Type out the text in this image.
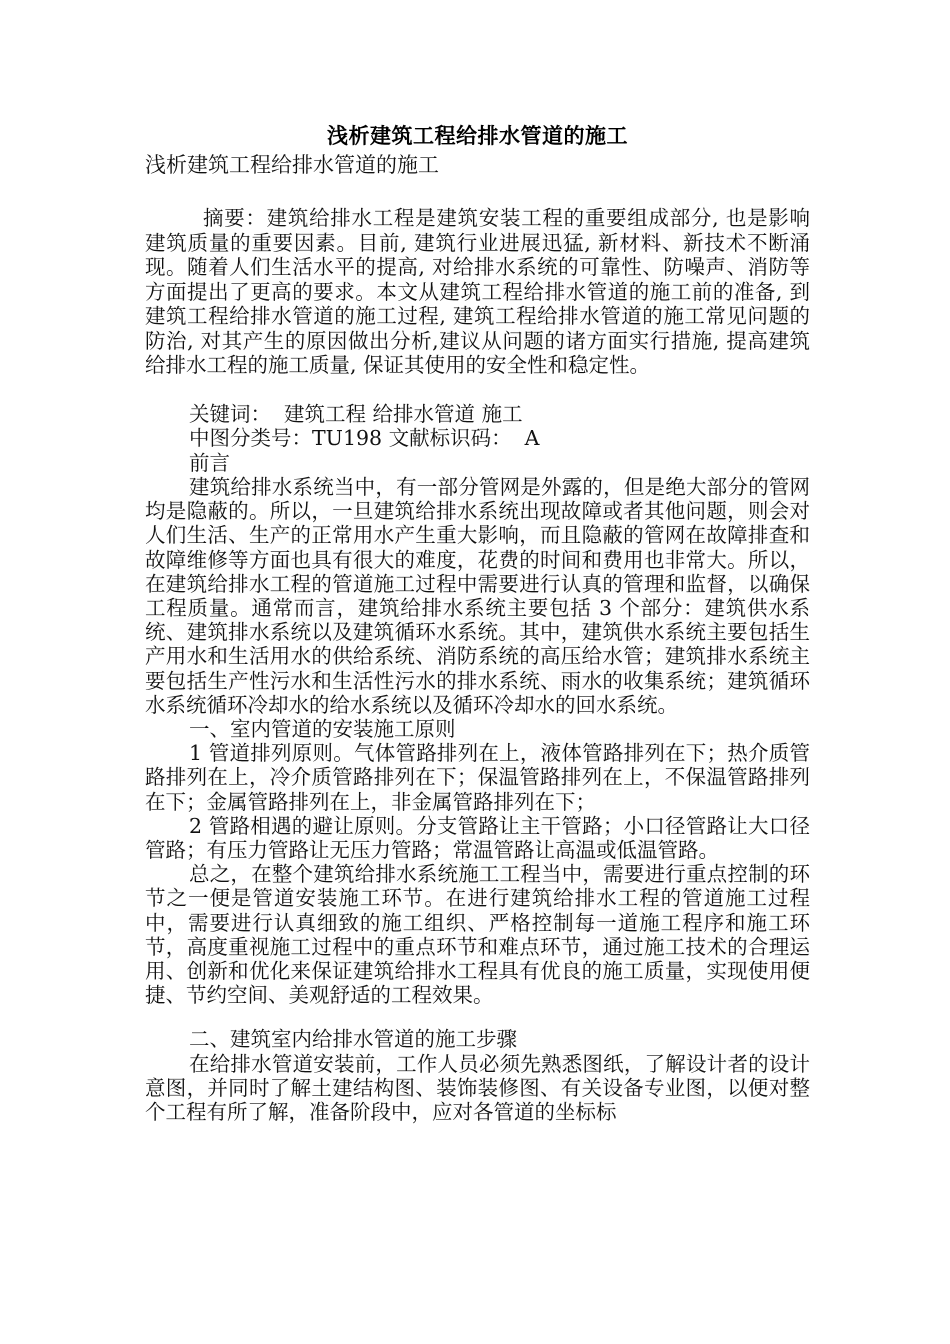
浅析建筑工程给排水管道的施工

浅析建筑工程给排水管道的施工

摘要：建筑给排水工程是建筑安装工程的重要组成部分, 也是影响建筑质量的重要因素。目前, 建筑行业进展迅猛, 新材料、新技术不断涌现。随着人们生活水平的提高, 对给排水系统的可靠性、防噪声、消防等方面提出了更高的要求。本文从建筑工程给排水管道的施工前的准备, 到建筑工程给排水管道的施工过程, 建筑工程给排水管道的施工常见问题的防治, 对其产生的原因做出分析,建议从问题的诸方面实行措施, 提高建筑给排水工程的施工质量, 保证其使用的安全性和稳定性。

关键词：  建筑工程 给排水管道 施工

中图分类号：TU198 文献标识码：  A

前言

建筑给排水系统当中，有一部分管网是外露的，但是绝大部分的管网均是隐蔽的。所以，一旦建筑给排水系统出现故障或者其他问题，则会对人们生活、生产的正常用水产生重大影响，而且隐蔽的管网在故障排查和故障维修等方面也具有很大的难度，花费的时间和费用也非常大。所以，在建筑给排水工程的管道施工过程中需要进行认真的管理和监督，以确保工程质量。通常而言，建筑给排水系统主要包括 3 个部分：建筑供水系统、建筑排水系统以及建筑循环水系统。其中，建筑供水系统主要包括生产用水和生活用水的供给系统、消防系统的高压给水管；建筑排水系统主要包括生产性污水和生活性污水的排水系统、雨水的收集系统；建筑循环水系统循环冷却水的给水系统以及循环冷却水的回水系统。

一、室内管道的安装施工原则

1 管道排列原则。气体管路排列在上，液体管路排列在下；热介质管路排列在上，冷介质管路排列在下；保温管路排列在上，不保温管路排列在下；金属管路排列在上，非金属管路排列在下；

2 管路相遇的避让原则。分支管路让主干管路；小口径管路让大口径管路；有压力管路让无压力管路；常温管路让高温或低温管路。

总之，在整个建筑给排水系统施工工程当中，需要进行重点控制的环节之一便是管道安装施工环节。在进行建筑给排水工程的管道施工过程中，需要进行认真细致的施工组织、严格控制每一道施工程序和施工环节，高度重视施工过程中的重点环节和难点环节，通过施工技术的合理运用、创新和优化来保证建筑给排水工程具有优良的施工质量，实现使用便捷、节约空间、美观舒适的工程效果。

二、建筑室内给排水管道的施工步骤

在给排水管道安装前，工作人员必须先熟悉图纸，了解设计者的设计意图，并同时了解土建结构图、装饰装修图、有关设备专业图，以便对整个工程有所了解，准备阶段中，应对各管道的坐标标
